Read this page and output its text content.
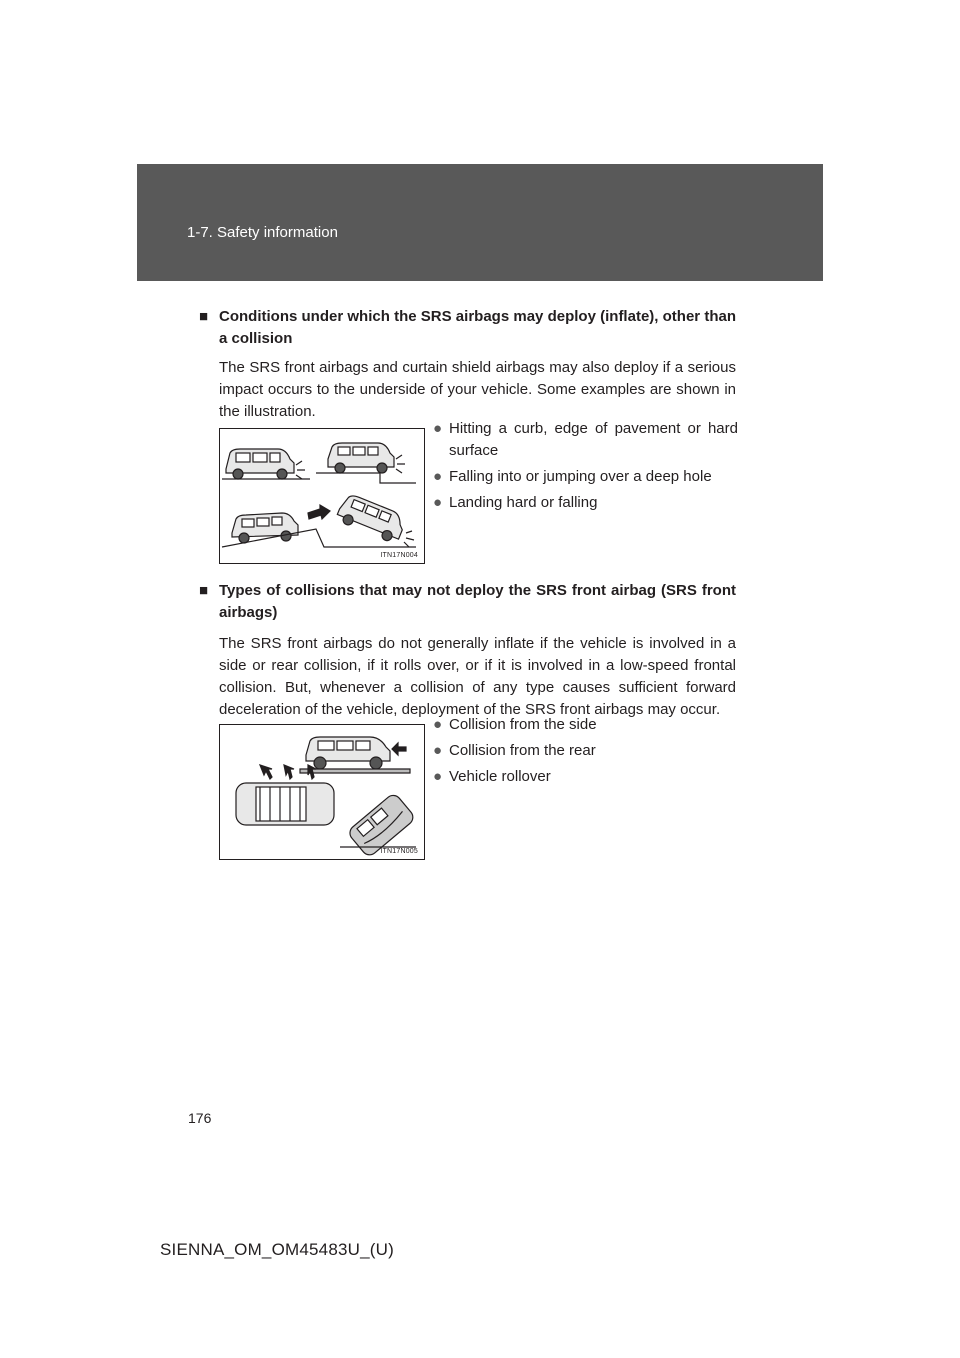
1-7. Safety information
■ Conditions under which the SRS airbags may deploy (inflate), other than a collision
The SRS front airbags and curtain shield airbags may also deploy if a serious impact occurs to the underside of your vehicle. Some examples are shown in the illustration.
ITN17N004
● Hitting a curb, edge of pavement or hard surface
● Falling into or jumping over a deep hole
● Landing hard or falling
■ Types of collisions that may not deploy the SRS front airbag (SRS front airbags)
The SRS front airbags do not generally inflate if the vehicle is involved in a side or rear collision, if it rolls over, or if it is involved in a low-speed frontal collision. But, whenever a collision of any type causes sufficient forward deceleration of the vehicle, deployment of the SRS front airbags may occur.
ITN17N005
● Collision from the side
● Collision from the rear
● Vehicle rollover
176
SIENNA_OM_OM45483U_(U)
